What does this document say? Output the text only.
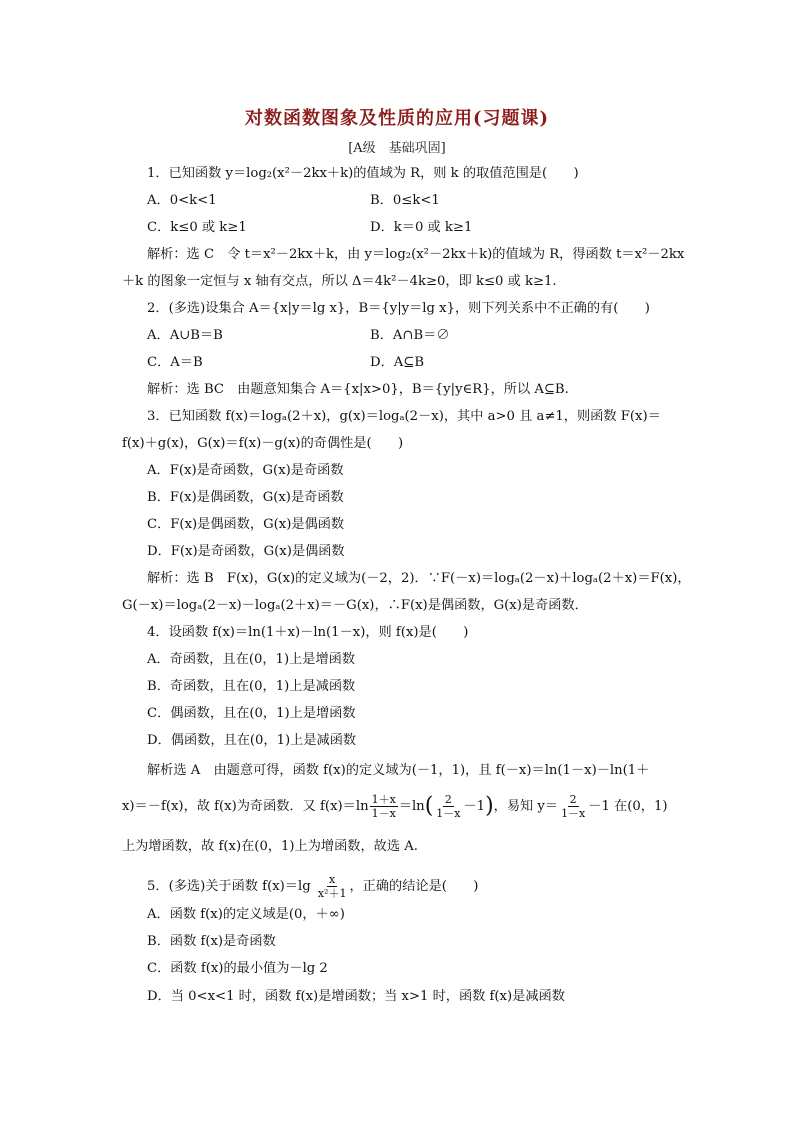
对数函数图象及性质的应用(习题课)
[A级　基础巩固]
1．已知函数 y＝log₂(x²－2kx＋k)的值域为 R，则 k 的取值范围是(　　)
A．0<k<1	B．0≤k<1
C．k≤0 或 k≥1	D．k＝0 或 k≥1
解析：选 C　令 t＝x²－2kx＋k，由 y＝log₂(x²－2kx＋k)的值域为 R，得函数 t＝x²－2kx
＋k 的图象一定恒与 x 轴有交点，所以 Δ＝4k²－4k≥0，即 k≤0 或 k≥1.
2．(多选)设集合 A＝{x|y＝lg x}，B＝{y|y＝lg x}，则下列关系中不正确的有(　　)
A．A∪B＝B	B．A∩B＝∅
C．A＝B	D．A⊆B
解析：选 BC　由题意知集合 A＝{x|x>0}，B＝{y|y∈R}，所以 A⊆B.
3．已知函数 f(x)＝logₐ(2＋x)，g(x)＝logₐ(2－x)，其中 a>0 且 a≠1，则函数 F(x)＝
f(x)＋g(x)，G(x)＝f(x)－g(x)的奇偶性是(　　)
A．F(x)是奇函数，G(x)是奇函数
B．F(x)是偶函数，G(x)是奇函数
C．F(x)是偶函数，G(x)是偶函数
D．F(x)是奇函数，G(x)是偶函数
解析：选 B　F(x)，G(x)的定义域为(－2，2)．∵F(－x)＝logₐ(2－x)＋logₐ(2＋x)＝F(x)，
G(－x)＝logₐ(2－x)－logₐ(2＋x)＝－G(x)，∴F(x)是偶函数，G(x)是奇函数．
4．设函数 f(x)＝ln(1＋x)－ln(1－x)，则 f(x)是(　　)
A．奇函数，且在(0，1)上是增函数
B．奇函数，且在(0，1)上是减函数
C．偶函数，且在(0，1)上是增函数
D．偶函数，且在(0，1)上是减函数
解析选 A　由题意可得，函数 f(x)的定义域为(－1，1)，且 f(－x)＝ln(1－x)－ln(1＋
x)＝－f(x)，故 f(x)为奇函数．又 $f(x)=\ln \frac{1+x}{1-x} =\ln( \frac{2}{1-x} -1)$，易知 $y= \frac{2}{1-x} -1$ 在(0，1)
上为增函数，故 f(x)在(0，1)上为增函数，故选 A.
5．(多选)关于函数 $f(x)=\lg \frac{x}{\text{x²＋1}}$ ，正确的结论是(　　)
A．函数 f(x)的定义域是(0，＋∞)
B．函数 f(x)是奇函数
C．函数 f(x)的最小值为－lg 2
D．当 0<x<1 时，函数 f(x)是增函数；当 x>1 时，函数 f(x)是减函数
